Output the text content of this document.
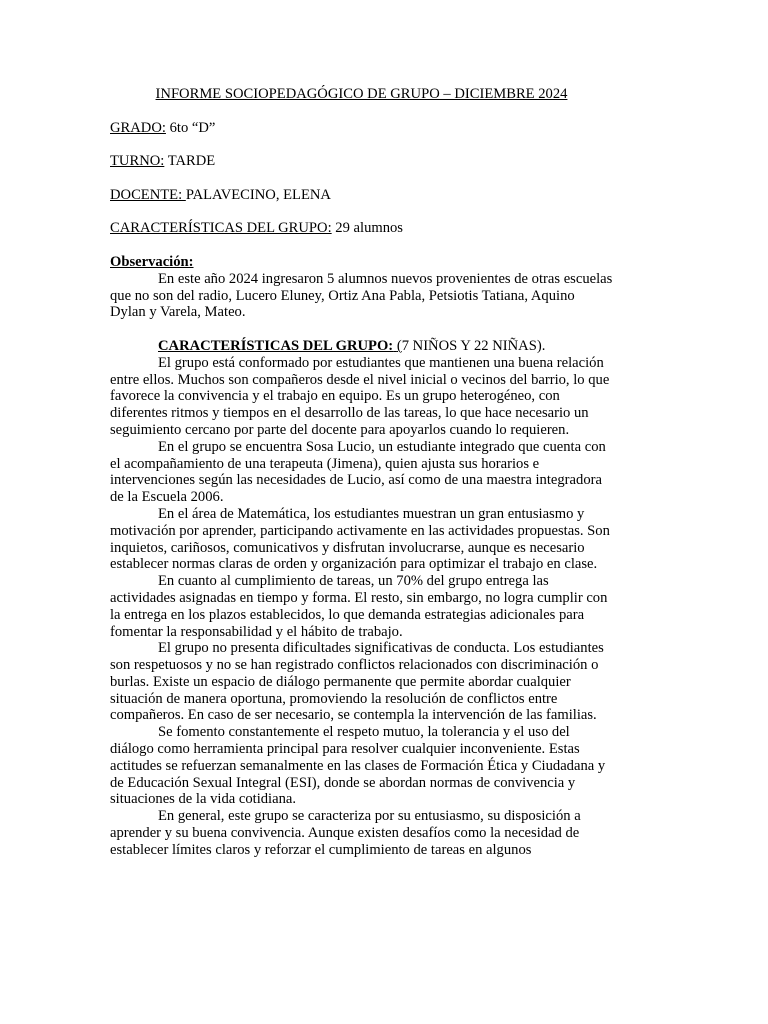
INFORME SOCIOPEDAGÓGICO DE GRUPO – DICIEMBRE 2024

GRADO: 6to “D”

TURNO: TARDE

DOCENTE: PALAVECINO, ELENA

CARACTERÍSTICAS DEL GRUPO: 29 alumnos

Observación:

En este año 2024 ingresaron 5 alumnos nuevos provenientes de otras escuelas que no son del radio, Lucero Eluney, Ortiz Ana Pabla, Petsiotis Tatiana, Aquino Dylan y Varela, Mateo.

CARACTERÍSTICAS DEL GRUPO: (7 NIÑOS Y 22 NIÑAS).

El grupo está conformado por estudiantes que mantienen una buena relación entre ellos. Muchos son compañeros desde el nivel inicial o vecinos del barrio, lo que favorece la convivencia y el trabajo en equipo. Es un grupo heterogéneo, con diferentes ritmos y tiempos en el desarrollo de las tareas, lo que hace necesario un seguimiento cercano por parte del docente para apoyarlos cuando lo requieren.

En el grupo se encuentra Sosa Lucio, un estudiante integrado que cuenta con el acompañamiento de una terapeuta (Jimena), quien ajusta sus horarios e intervenciones según las necesidades de Lucio, así como de una maestra integradora de la Escuela 2006.

En el área de Matemática, los estudiantes muestran un gran entusiasmo y motivación por aprender, participando activamente en las actividades propuestas. Son inquietos, cariñosos, comunicativos y disfrutan involucrarse, aunque es necesario establecer normas claras de orden y organización para optimizar el trabajo en clase.

En cuanto al cumplimiento de tareas, un 70% del grupo entrega las actividades asignadas en tiempo y forma. El resto, sin embargo, no logra cumplir con la entrega en los plazos establecidos, lo que demanda estrategias adicionales para fomentar la responsabilidad y el hábito de trabajo.

El grupo no presenta dificultades significativas de conducta. Los estudiantes son respetuosos y no se han registrado conflictos relacionados con discriminación o burlas. Existe un espacio de diálogo permanente que permite abordar cualquier situación de manera oportuna, promoviendo la resolución de conflictos entre compañeros. En caso de ser necesario, se contempla la intervención de las familias.

Se fomento constantemente el respeto mutuo, la tolerancia y el uso del diálogo como herramienta principal para resolver cualquier inconveniente. Estas actitudes se refuerzan semanalmente en las clases de Formación Ética y Ciudadana y de Educación Sexual Integral (ESI), donde se abordan normas de convivencia y situaciones de la vida cotidiana.

En general, este grupo se caracteriza por su entusiasmo, su disposición a aprender y su buena convivencia. Aunque existen desafíos como la necesidad de establecer límites claros y reforzar el cumplimiento de tareas en algunos
